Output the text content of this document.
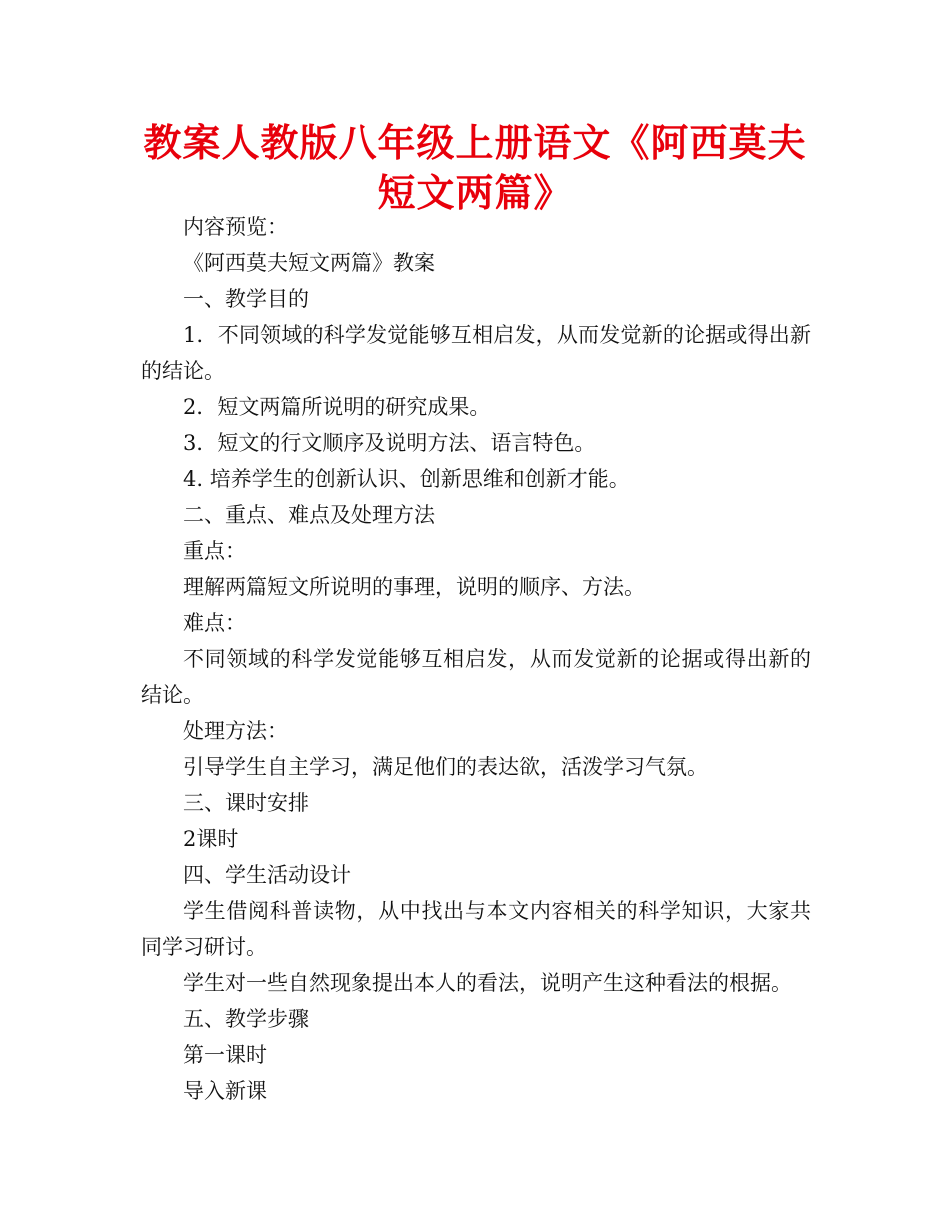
教案人教版八年级上册语文《阿西莫夫短文两篇》

内容预览：

《阿西莫夫短文两篇》教案

一、教学目的

1．不同领域的科学发觉能够互相启发，从而发觉新的论据或得出新的结论。

2．短文两篇所说明的研究成果。

3．短文的行文顺序及说明方法、语言特色。

4. 培养学生的创新认识、创新思维和创新才能。

二、重点、难点及处理方法

重点：

理解两篇短文所说明的事理，说明的顺序、方法。

难点：

不同领域的科学发觉能够互相启发，从而发觉新的论据或得出新的结论。

处理方法：

引导学生自主学习，满足他们的表达欲，活泼学习气氛。

三、课时安排

2课时

四、学生活动设计

学生借阅科普读物，从中找出与本文内容相关的科学知识，大家共同学习研讨。

学生对一些自然现象提出本人的看法，说明产生这种看法的根据。

五、教学步骤

第一课时

导入新课
